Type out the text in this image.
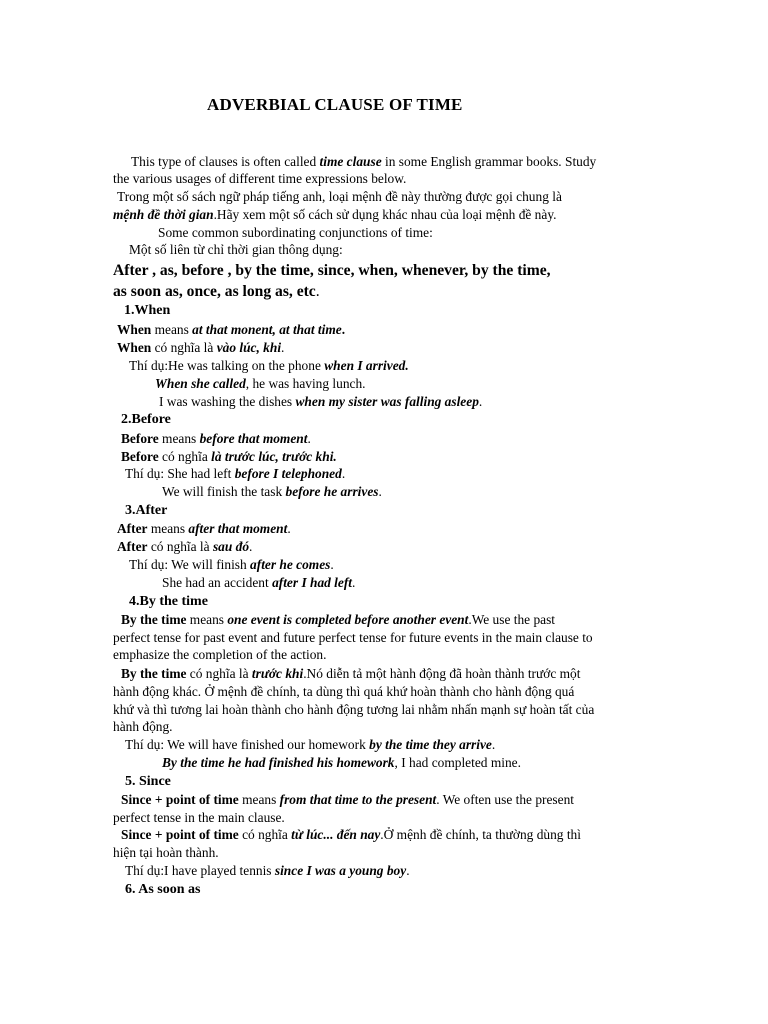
ADVERBIAL CLAUSE OF TIME
This type of clauses is often called time clause in some English grammar books. Study
the various usages of different time expressions below.
Trong một số sách ngữ pháp tiếng anh, loại mệnh đề này thường được gọi chung là
mệnh đề thời gian.Hãy xem một số cách sử dụng khác nhau của loại mệnh đề này.
Some common subordinating conjunctions of time:
Một số liên từ chỉ thời gian thông dụng:
After , as, before , by the time, since, when, whenever, by the time,
as soon as, once, as long as, etc.
1.When
When means at that monent, at that time.
When có nghĩa là vào lúc, khi.
Thí dụ:He was talking on the phone when I arrived.
When she called, he was having lunch.
I was washing the dishes when my sister was falling asleep.
2.Before
Before means before that moment.
Before có nghĩa là trước lúc, trước khi.
Thí dụ: She had left before I telephoned.
We will finish the task before he arrives.
3.After
After means after that moment.
After có nghĩa là sau đó.
Thí dụ: We will finish after he comes.
She had an accident after I had left.
4.By the time
By the time means one event is completed before another event.We use the past
perfect tense for past event and future perfect tense for future events in the main clause to
emphasize the completion of the action.
By the time có nghĩa là trước khi.Nó diễn tả một hành động đã hoàn thành trước một
hành động khác. Ở mệnh đề chính, ta dùng thì quá khứ hoàn thành cho hành động quá
khứ và thì tương lai hoàn thành cho hành động tương lai nhằm nhấn mạnh sự hoàn tất của
hành động.
Thí dụ: We will have finished our homework by the time they arrive.
By the time he had finished his homework, I had completed mine.
5. Since
Since + point of time means from that time to the present. We often use the present
perfect tense in the main clause.
Since + point of time có nghĩa từ lúc... đến nay.Ở mệnh đề chính, ta thường dùng thì
hiện tại hoàn thành.
Thí dụ:I have played tennis since I was a young boy.
6. As soon as
